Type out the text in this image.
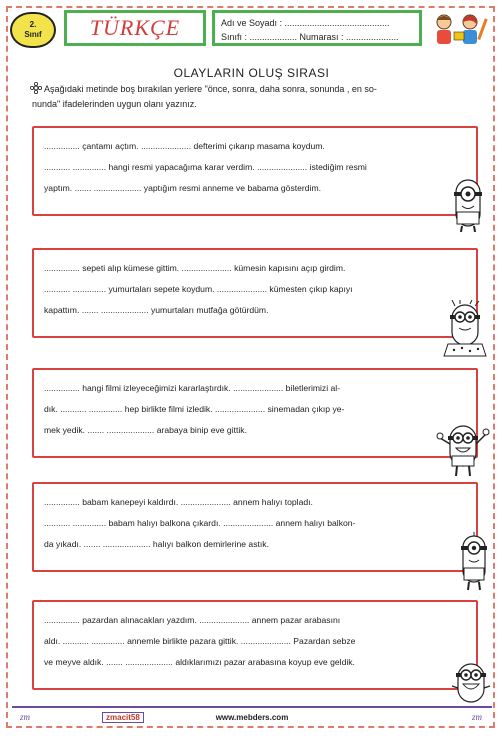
2.
Sınıf	TÜRKÇE	Adı ve Soyadı : ..........................................
Sınıfı : ................... Numarası : .....................
OLAYLARIN OLUŞ SIRASI
Aşağıdaki metinde boş bırakılan yerlere "önce, sonra, daha sonra, sonunda , en so-
nunda" ifadelerinden uygun olanı yazınız.
............... çantamı açtım. ..................... defterimi çıkarıp masama koydum.
........... .............. hangi resmi yapacağıma karar verdim. ..................... istediğim resmi
yaptım. ....... .................... yaptığım resmi anneme ve babama gösterdim.
............... sepeti alıp kümese gittim. ..................... kümesin kapısını açıp girdim.
........... .............. yumurtaları sepete koydum. ..................... kümesten çıkıp kapıyı
kapattım. ....... .................... yumurtaları mutfağa götürdüm.
............... hangi filmi izleyeceğimizi kararlaştırdık. ..................... biletlerimizi al-
dık. ........... .............. hep birlikte filmi izledik. ..................... sinemadan çıkıp ye-
mek yedik. ....... .................... arabaya binip eve gittik.
............... babam kanepeyi kaldırdı. ..................... annem halıyı topladı.
........... .............. babam halıyı balkona çıkardı. ..................... annem halıyı balkon-
da yıkadı. ....... .................... halıyı balkon demirlerine astık.
............... pazardan alınacakları yazdım. ..................... annem pazar arabasını
aldı. ........... .............. annemle birlikte pazara gittik. ..................... Pazardan sebze
ve meyve aldık. ....... .................... aldıklarımızı pazar arabasına koyup eve geldik.
zm	zmacit58	www.mebders.com	zm
